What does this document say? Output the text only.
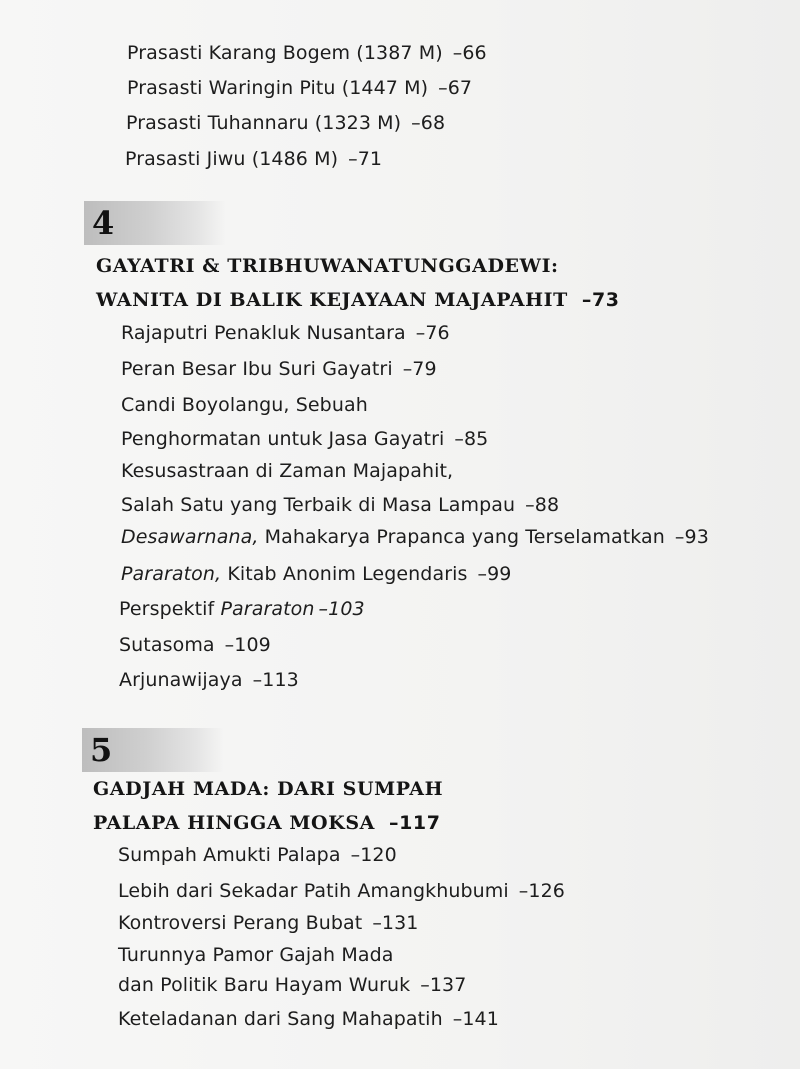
Prasasti Karang Bogem (1387 M) –66
Prasasti Waringin Pitu (1447 M) –67
Prasasti Tuhannaru (1323 M) –68
Prasasti Jiwu (1486 M) –71
4
GAYATRI & TRIBHUWANATUNGGADEWI:
WANITA DI BALIK KEJAYAAN MAJAPAHIT –73
Rajaputri Penakluk Nusantara –76
Peran Besar Ibu Suri Gayatri –79
Candi Boyolangu, Sebuah
Penghormatan untuk Jasa Gayatri –85
Kesusastraan di Zaman Majapahit,
Salah Satu yang Terbaik di Masa Lampau –88
Desawarnana, Mahakarya Prapanca yang Terselamatkan –93
Pararaton, Kitab Anonim Legendaris –99
Perspektif Pararaton –103
Sutasoma –109
Arjunawijaya –113
5
GADJAH MADA: DARI SUMPAH
PALAPA HINGGA MOKSA –117
Sumpah Amukti Palapa –120
Lebih dari Sekadar Patih Amangkhubumi –126
Kontroversi Perang Bubat –131
Turunnya Pamor Gajah Mada
dan Politik Baru Hayam Wuruk –137
Keteladanan dari Sang Mahapatih –141
